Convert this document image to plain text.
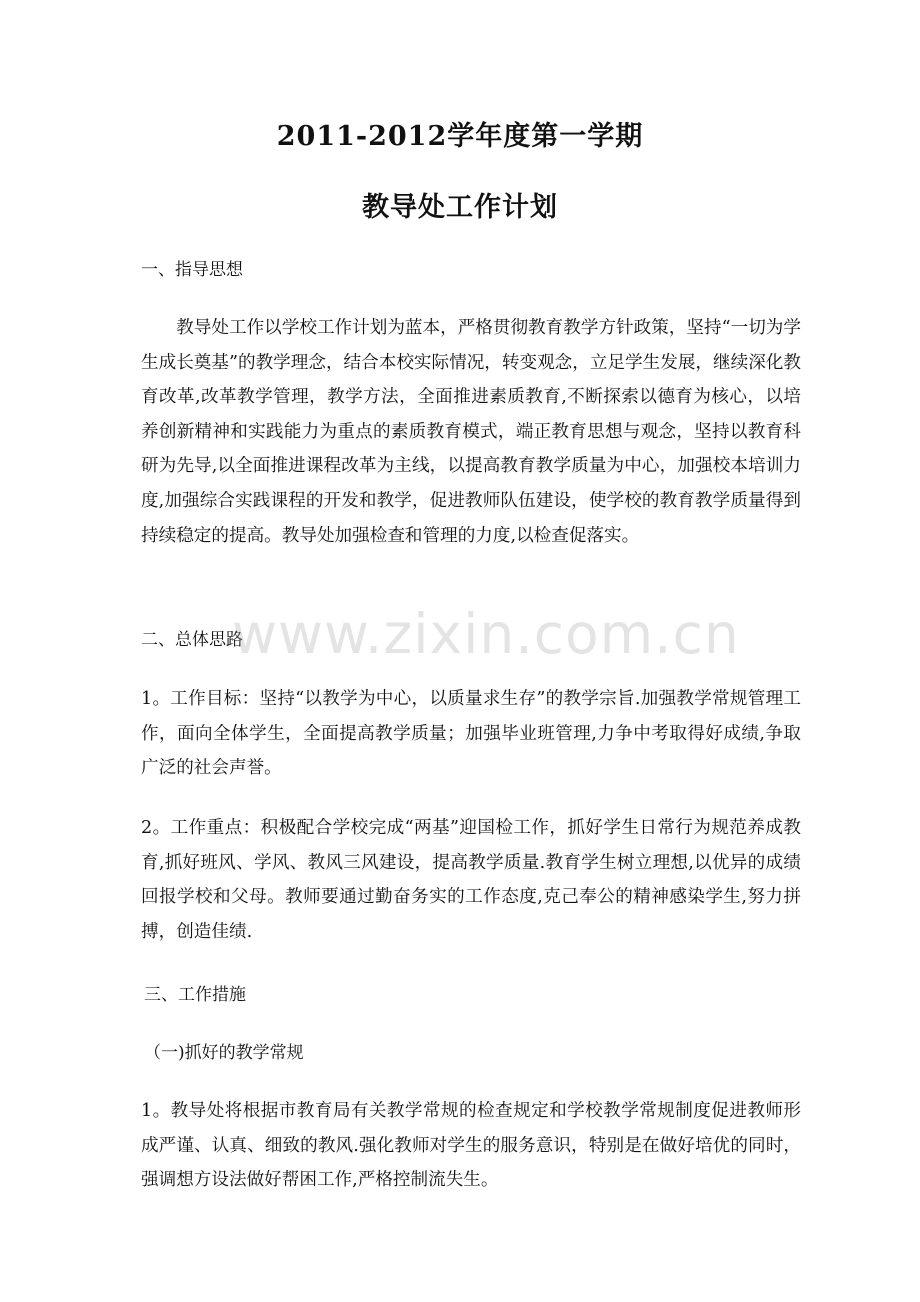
2011-2012学年度第一学期
教导处工作计划
一、指导思想
教导处工作以学校工作计划为蓝本，严格贯彻教育教学方针政策，坚持“一切为学生成长奠基”的教学理念，结合本校实际情况，转变观念，立足学生发展，继续深化教育改革,改革教学管理，教学方法，全面推进素质教育,不断探索以德育为核心，以培养创新精神和实践能力为重点的素质教育模式，端正教育思想与观念，坚持以教育科研为先导,以全面推进课程改革为主线，以提高教育教学质量为中心，加强校本培训力度,加强综合实践课程的开发和教学，促进教师队伍建设，使学校的教育教学质量得到持续稳定的提高。教导处加强检查和管理的力度,以检查促落实。
二、总体思路
1。工作目标：坚持“以教学为中心，以质量求生存”的教学宗旨.加强教学常规管理工作，面向全体学生，全面提高教学质量；加强毕业班管理,力争中考取得好成绩,争取广泛的社会声誉。
2。工作重点：积极配合学校完成“两基”迎国检工作，抓好学生日常行为规范养成教育,抓好班风、学风、教风三风建设，提高教学质量.教育学生树立理想,以优异的成绩回报学校和父母。教师要通过勤奋务实的工作态度,克己奉公的精神感染学生,努力拼搏，创造佳绩.
三、工作措施
（一)抓好的教学常规
1。教导处将根据市教育局有关教学常规的检查规定和学校教学常规制度促进教师形成严谨、认真、细致的教风.强化教师对学生的服务意识，特别是在做好培优的同时，强调想方设法做好帮困工作,严格控制流失生。
www.zixin.com.cn
